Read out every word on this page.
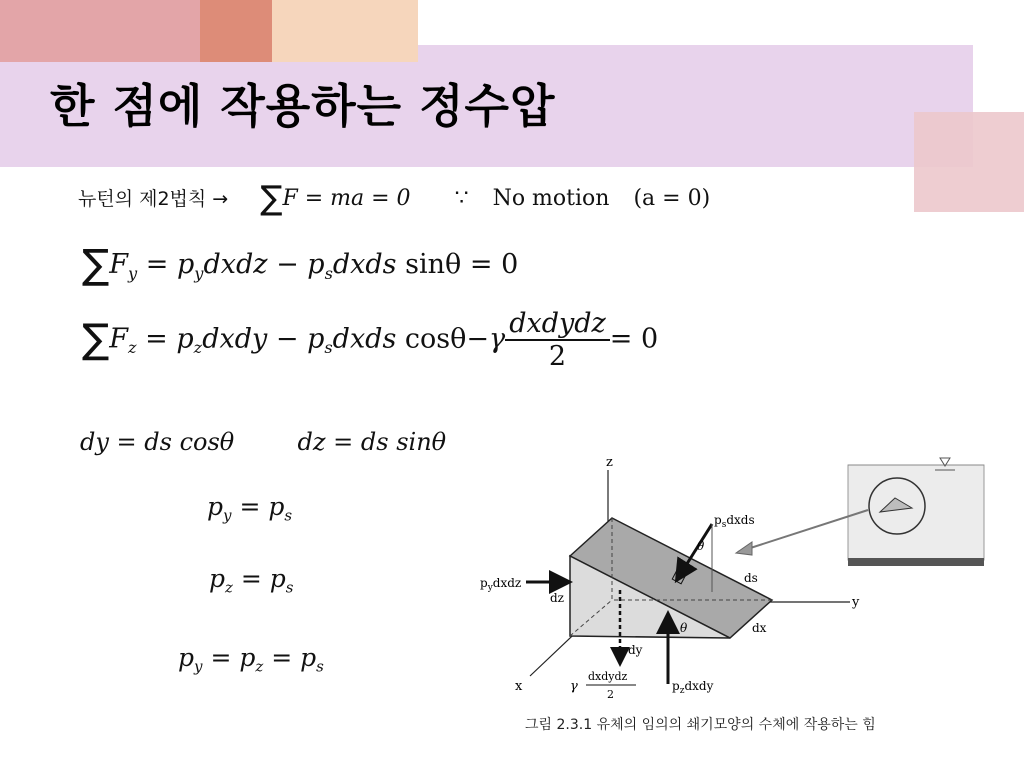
한 점에 작용하는 정수압
뉴턴의 제2법칙 → ∑F = ma = 0 ∵ No motion (a = 0)
$\sum F_y$ = $p_ydxdz$ − $p_sdxds$ sinθ = 0
$\sum F_z$ = $p_zdxdy$ − $p_sdxds$ $\cos\theta-\gamma \frac{\text{dxdydz}}{2} = 0$
dy = ds cosθ	dz = ds sinθ
$p_y = p_s$
$p_z = p_s$
$p_y = p_z = p_s$
z
y
x
$p_sdxds$
θ
ds
$p_ydxdz$
dz
$p_zdxdy$
θ	dx
dy
γ
dxdydz
2
그림 2.3.1 유체의 임의의 쇄기모양의 수체에 작용하는 힘
